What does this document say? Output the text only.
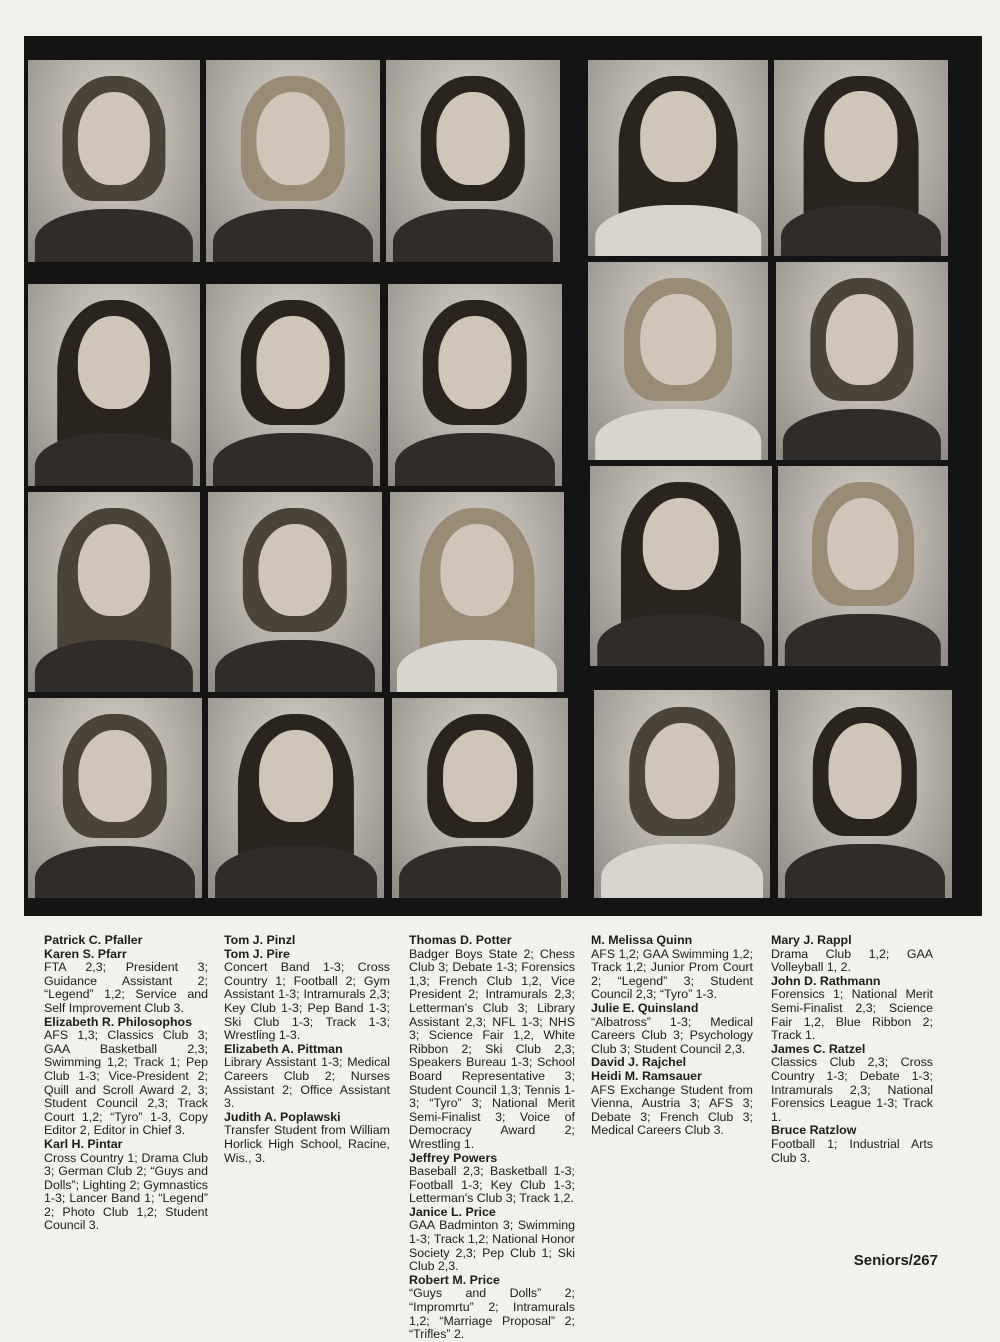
Patrick C. Pfaller

Karen S. Pfarr

FTA 2,3; President 3; Guidance Assistant 2; “Legend” 1,2; Service and Self Improvement Club 3.

Elizabeth R. Philosophos

AFS 1,3; Classics Club 3; GAA Basketball 2,3; Swimming 1,2; Track 1; Pep Club 1-3; Vice-President 2; Quill and Scroll Award 2, 3; Student Council 2,3; Track Court 1,2; “Tyro” 1-3, Copy Editor 2, Editor in Chief 3.

Karl H. Pintar

Cross Country 1; Drama Club 3; German Club 2; “Guys and Dolls”; Lighting 2; Gymnastics 1-3; Lancer Band 1; “Legend” 2; Photo Club 1,2; Student Council 3.

Tom J. Pinzl

Tom J. Pire

Concert Band 1-3; Cross Country 1; Football 2; Gym Assistant 1-3; Intramurals 2,3; Key Club 1-3; Pep Band 1-3; Ski Club 1-3; Track 1-3; Wrestling 1-3.

Elizabeth A. Pittman

Library Assistant 1-3; Medical Careers Club 2; Nurses Assistant 2; Office Assistant 3.

Judith A. Poplawski

Transfer Student from William Horlick High School, Racine, Wis., 3.

Thomas D. Potter

Badger Boys State 2; Chess Club 3; Debate 1-3; Forensics 1,3; French Club 1,2, Vice President 2; Intramurals 2,3; Letterman's Club 3; Library Assistant 2,3; NFL 1-3; NHS 3; Science Fair 1,2, White Ribbon 2; Ski Club 2,3; Speakers Bureau 1-3; School Board Representative 3; Student Council 1,3; Tennis 1-3; “Tyro” 3; National Merit Semi-Finalist 3; Voice of Democracy Award 2; Wrestling 1.

Jeffrey Powers

Baseball 2,3; Basketball 1-3; Football 1-3; Key Club 1-3; Letterman's Club 3; Track 1,2.

Janice L. Price

GAA Badminton 3; Swimming 1-3; Track 1,2; National Honor Society 2,3; Pep Club 1; Ski Club 2,3.

Robert M. Price

“Guys and Dolls” 2; “Impromrtu” 2; Intramurals 1,2; “Marriage Proposal” 2; “Trifles” 2.

M. Melissa Quinn

AFS 1,2; GAA Swimming 1,2; Track 1,2; Junior Prom Court 2; “Legend” 3; Student Council 2,3; “Tyro” 1-3.

Julie E. Quinsland

“Albatross” 1-3; Medical Careers Club 3; Psychology Club 3; Student Council 2,3.

David J. Rajchel

Heidi M. Ramsauer

AFS Exchange Student from Vienna, Austria 3; AFS 3; Debate 3; French Club 3; Medical Careers Club 3.

Mary J. Rappl

Drama Club 1,2; GAA Volleyball 1, 2.

John D. Rathmann

Forensics 1; National Merit Semi-Finalist 2,3; Science Fair 1,2, Blue Ribbon 2; Track 1.

James C. Ratzel

Classics Club 2,3; Cross Country 1-3; Debate 1-3; Intramurals 2,3; National Forensics League 1-3; Track 1.

Bruce Ratzlow

Football 1; Industrial Arts Club 3.

Seniors/267
